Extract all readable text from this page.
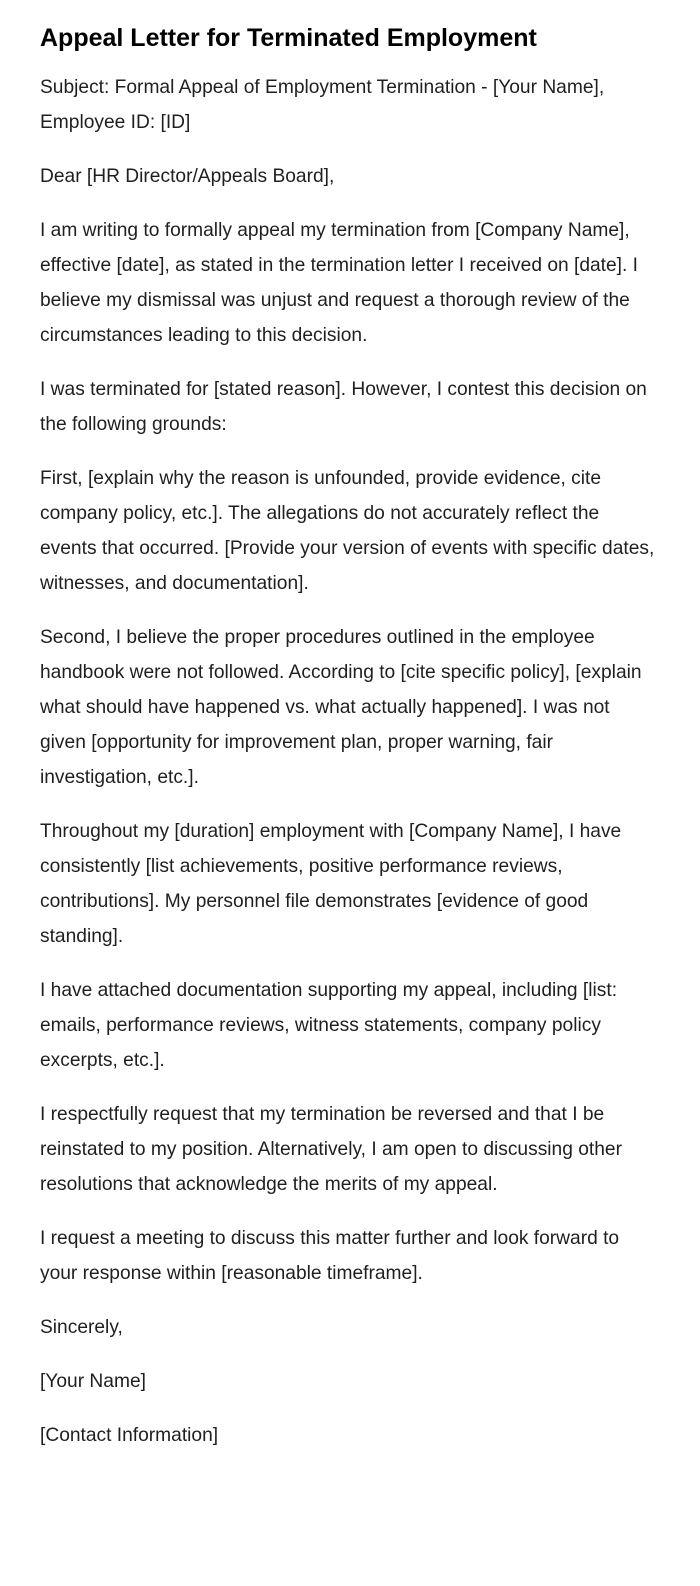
Appeal Letter for Terminated Employment

Subject: Formal Appeal of Employment Termination - [Your Name], Employee ID: [ID]

Dear [HR Director/Appeals Board],

I am writing to formally appeal my termination from [Company Name], effective [date], as stated in the termination letter I received on [date]. I believe my dismissal was unjust and request a thorough review of the circumstances leading to this decision.

I was terminated for [stated reason]. However, I contest this decision on the following grounds:

First, [explain why the reason is unfounded, provide evidence, cite company policy, etc.]. The allegations do not accurately reflect the events that occurred. [Provide your version of events with specific dates, witnesses, and documentation].

Second, I believe the proper procedures outlined in the employee handbook were not followed. According to [cite specific policy], [explain what should have happened vs. what actually happened]. I was not given [opportunity for improvement plan, proper warning, fair investigation, etc.].

Throughout my [duration] employment with [Company Name], I have consistently [list achievements, positive performance reviews, contributions]. My personnel file demonstrates [evidence of good standing].

I have attached documentation supporting my appeal, including [list: emails, performance reviews, witness statements, company policy excerpts, etc.].

I respectfully request that my termination be reversed and that I be reinstated to my position. Alternatively, I am open to discussing other resolutions that acknowledge the merits of my appeal.

I request a meeting to discuss this matter further and look forward to your response within [reasonable timeframe].

Sincerely,

[Your Name]

[Contact Information]
